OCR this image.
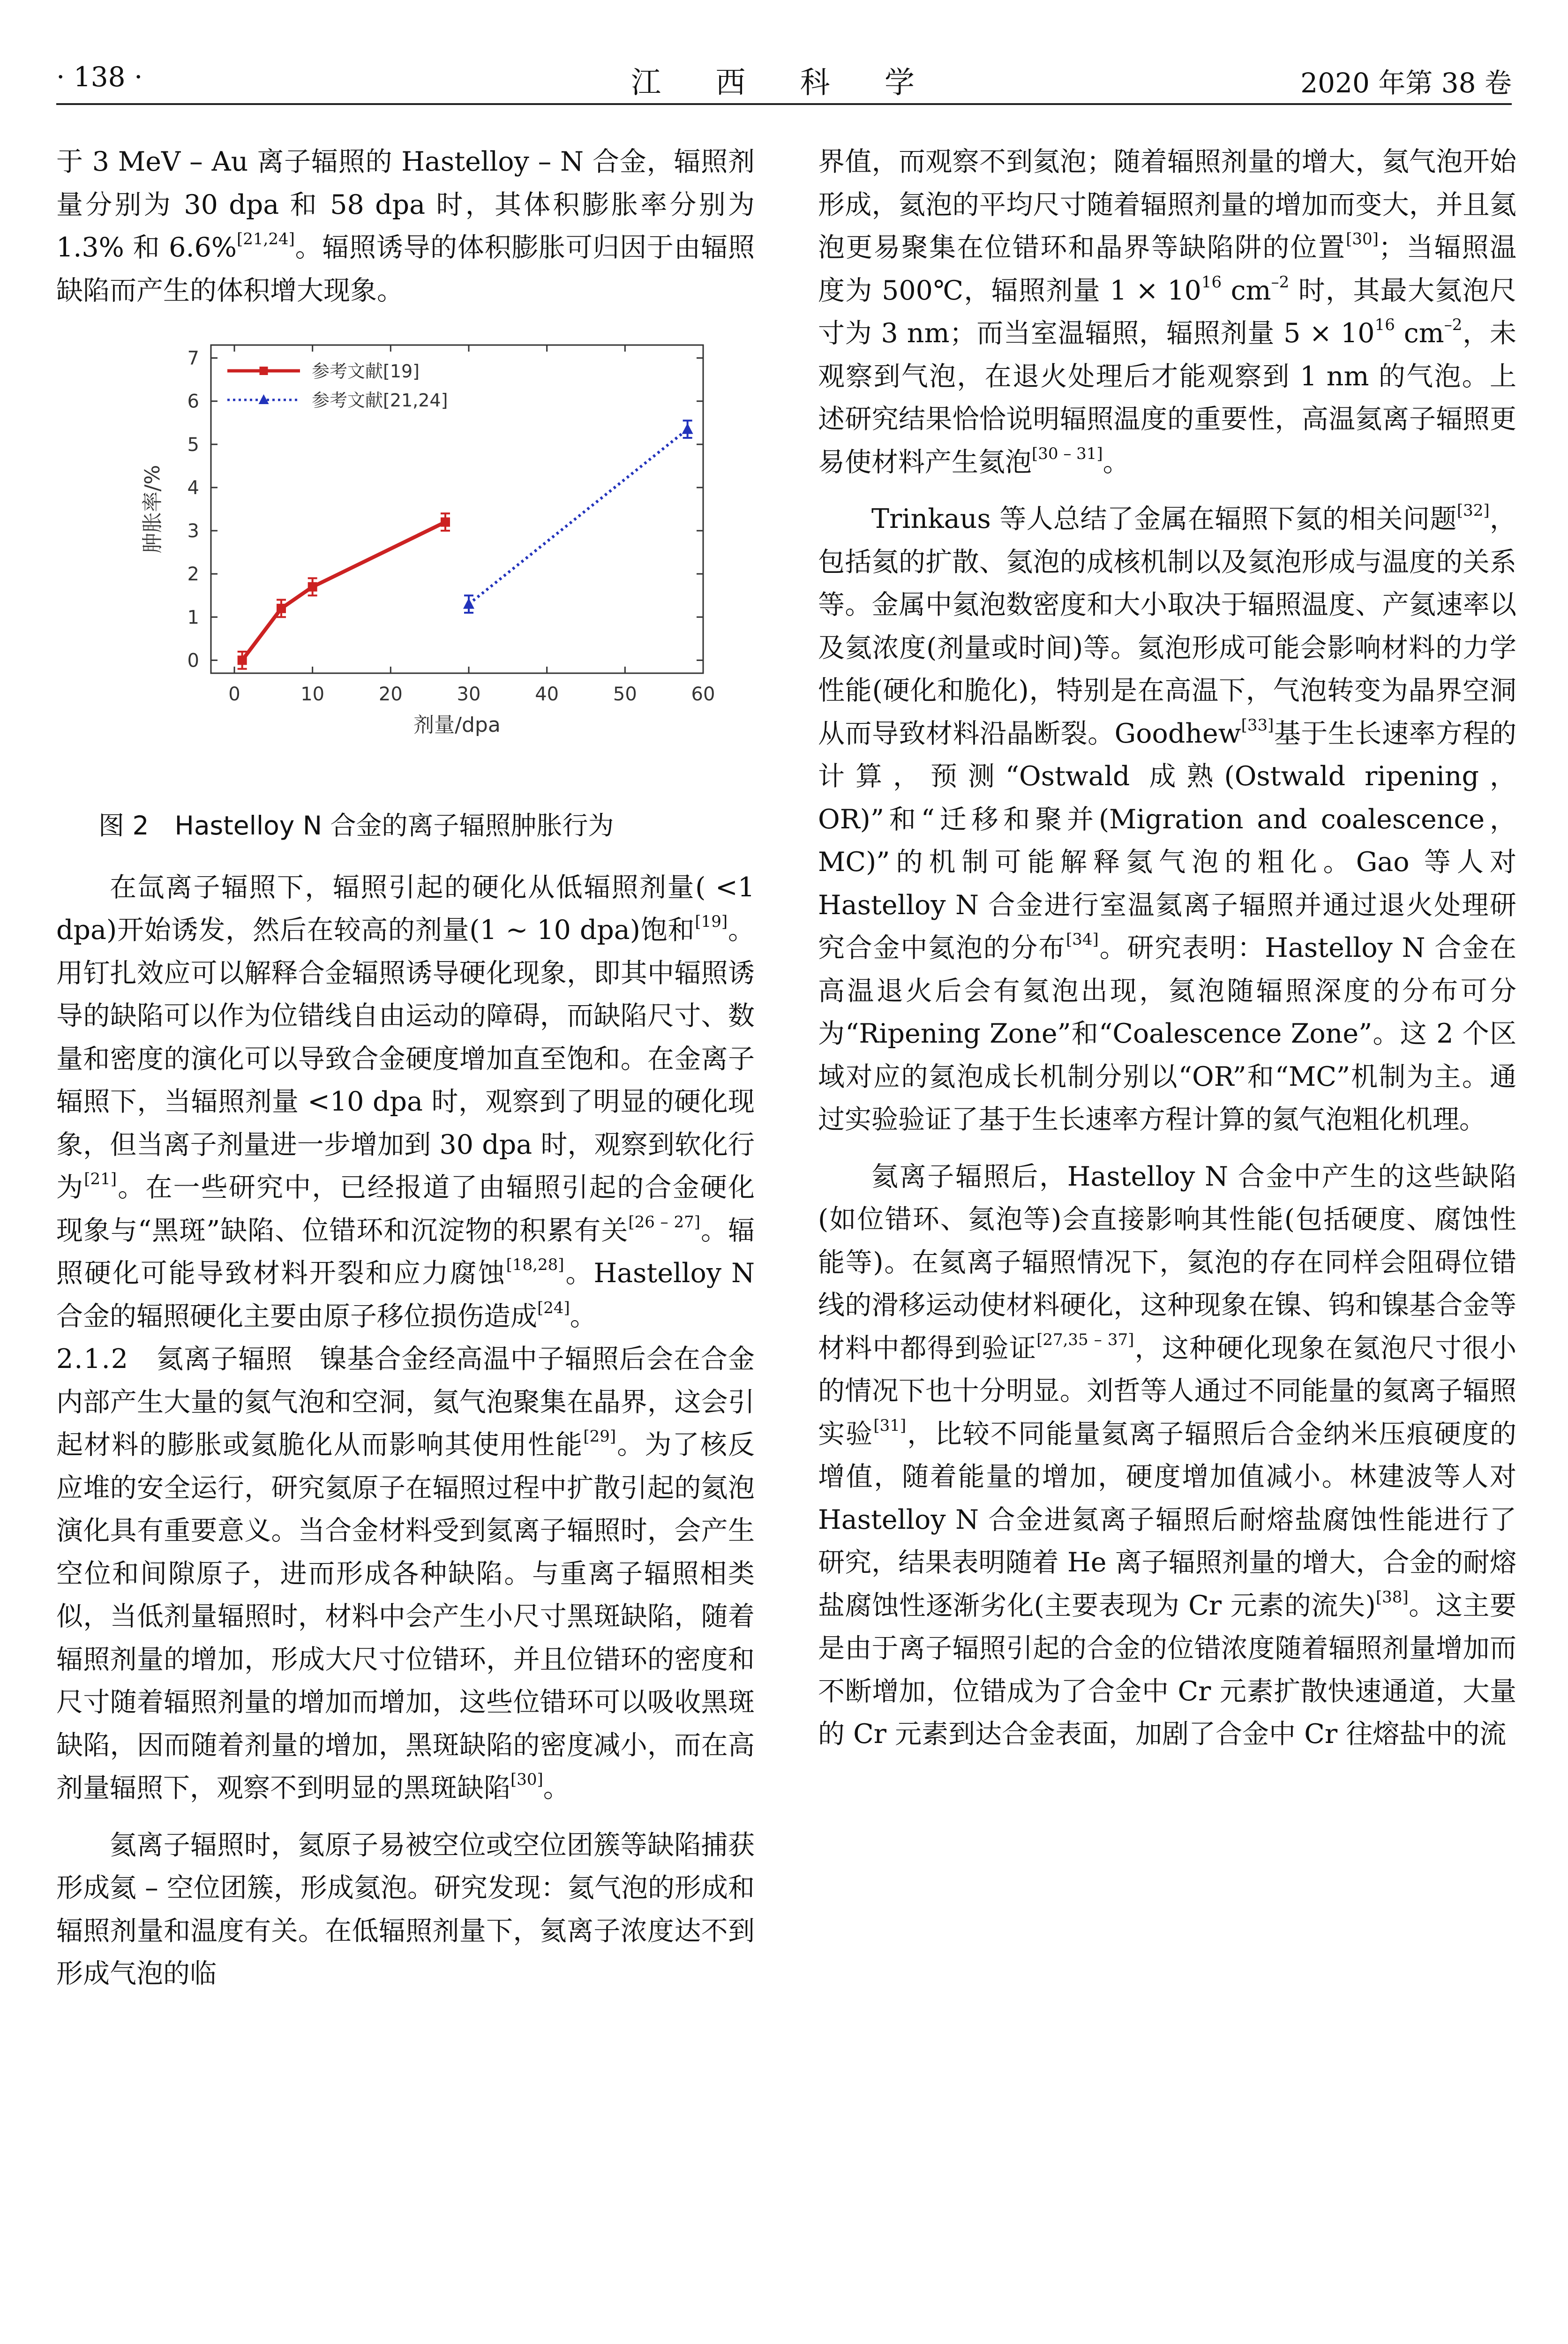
· 138 ·	江 西 科 学	2020 年第 38 卷

于 3 MeV – Au 离子辐照的 Hastelloy – N 合金，辐照剂量分别为 30 dpa 和 58 dpa 时，其体积膨胀率分别为 1.3% 和 6.6%[21,24]。辐照诱导的体积膨胀可归因于由辐照缺陷而产生的体积增大现象。

0	10	20	30	40	50	60
0
1
2
3
4
5
6
7
剂量/dpa
肿胀率/%
参考文献[19]
参考文献[21,24]
图 2　Hastelloy N 合金的离子辐照肿胀行为

在氙离子辐照下，辐照引起的硬化从低辐照剂量( <1 dpa)开始诱发，然后在较高的剂量(1 ~ 10 dpa)饱和[19]。用钉扎效应可以解释合金辐照诱导硬化现象，即其中辐照诱导的缺陷可以作为位错线自由运动的障碍，而缺陷尺寸、数量和密度的演化可以导致合金硬度增加直至饱和。在金离子辐照下，当辐照剂量 <10 dpa 时，观察到了明显的硬化现象，但当离子剂量进一步增加到 30 dpa 时，观察到软化行为[21]。在一些研究中，已经报道了由辐照引起的合金硬化现象与“黑斑”缺陷、位错环和沉淀物的积累有关[26 – 27]。辐照硬化可能导致材料开裂和应力腐蚀[18,28]。Hastelloy N 合金的辐照硬化主要由原子移位损伤造成[24]。

2.1.2　 氦离子辐照　 镍基合金经高温中子辐照后会在合金内部产生大量的氦气泡和空洞，氦气泡聚集在晶界，这会引起材料的膨胀或氦脆化从而影响其使用性能[29]。为了核反应堆的安全运行，研究氦原子在辐照过程中扩散引起的氦泡演化具有重要意义。当合金材料受到氦离子辐照时，会产生空位和间隙原子，进而形成各种缺陷。与重离子辐照相类似，当低剂量辐照时，材料中会产生小尺寸黑斑缺陷，随着辐照剂量的增加，形成大尺寸位错环，并且位错环的密度和尺寸随着辐照剂量的增加而增加，这些位错环可以吸收黑斑缺陷，因而随着剂量的增加，黑斑缺陷的密度减小，而在高剂量辐照下，观察不到明显的黑斑缺陷[30]。

氦离子辐照时，氦原子易被空位或空位团簇等缺陷捕获形成氦 – 空位团簇，形成氦泡。研究发现：氦气泡的形成和辐照剂量和温度有关。在低辐照剂量下，氦离子浓度达不到形成气泡的临

界值，而观察不到氦泡；随着辐照剂量的增大，氦气泡开始形成，氦泡的平均尺寸随着辐照剂量的增加而变大，并且氦泡更易聚集在位错环和晶界等缺陷阱的位置[30]；当辐照温度为 500℃，辐照剂量 $1 \times 10^{16}$ $cm^{-2}$ 时，其最大氦泡尺寸为 3 nm；而当室温辐照，辐照剂量 $5 \times 10^{16}$ $cm^{-2}$，未观察到气泡，在退火处理后才能观察到 1 nm 的气泡。上述研究结果恰恰说明辐照温度的重要性，高温氦离子辐照更易使材料产生氦泡[30 – 31]。

Trinkaus 等人总结了金属在辐照下氦的相关问题[32]，包括氦的扩散、氦泡的成核机制以及氦泡形成与温度的关系等。金属中氦泡数密度和大小取决于辐照温度、产氦速率以及氦浓度(剂量或时间)等。氦泡形成可能会影响材料的力学性能(硬化和脆化)，特别是在高温下，气泡转变为晶界空洞从而导致材料沿晶断裂。Goodhew[33]基于生长速率方程的计算，预测“Ostwald 成熟(Ostwald ripening，OR)”和“迁移和聚并(Migration and coalescence，MC)”的机制可能解释氦气泡的粗化。Gao 等人对 Hastelloy N 合金进行室温氦离子辐照并通过退火处理研究合金中氦泡的分布[34]。研究表明：Hastelloy N 合金在高温退火后会有氦泡出现，氦泡随辐照深度的分布可分为“Ripening Zone”和“Coalescence Zone”。这 2 个区域对应的氦泡成长机制分别以“OR”和“MC”机制为主。通过实验验证了基于生长速率方程计算的氦气泡粗化机理。

氦离子辐照后，Hastelloy N 合金中产生的这些缺陷(如位错环、氦泡等)会直接影响其性能(包括硬度、腐蚀性能等)。在氦离子辐照情况下，氦泡的存在同样会阻碍位错线的滑移运动使材料硬化，这种现象在镍、钨和镍基合金等材料中都得到验证[27,35 – 37]，这种硬化现象在氦泡尺寸很小的情况下也十分明显。刘哲等人通过不同能量的氦离子辐照实验[31]，比较不同能量氦离子辐照后合金纳米压痕硬度的增值，随着能量的增加，硬度增加值减小。林建波等人对 Hastelloy N 合金进氦离子辐照后耐熔盐腐蚀性能进行了研究，结果表明随着 He 离子辐照剂量的增大，合金的耐熔盐腐蚀性逐渐劣化(主要表现为 Cr 元素的流失)[38]。这主要是由于离子辐照引起的合金的位错浓度随着辐照剂量增加而不断增加，位错成为了合金中 Cr 元素扩散快速通道，大量的 Cr 元素到达合金表面，加剧了合金中 Cr 往熔盐中的流
